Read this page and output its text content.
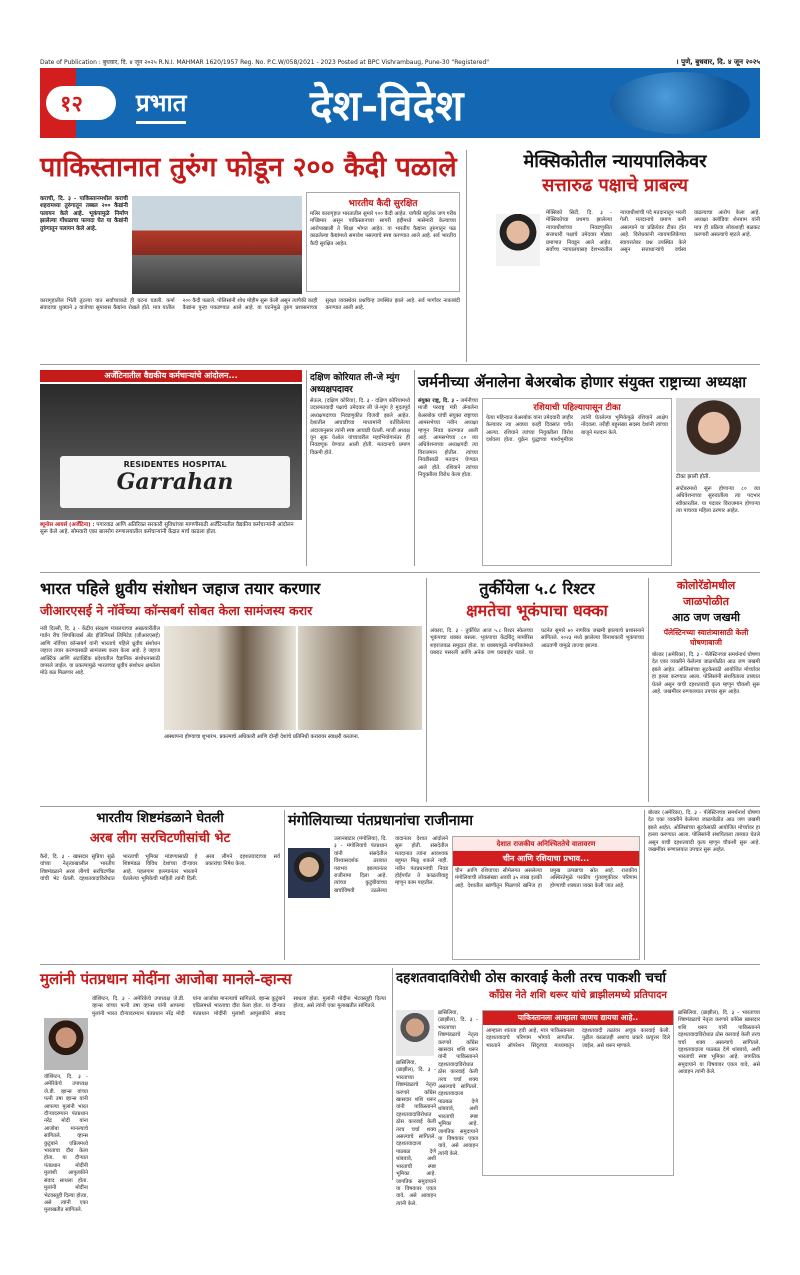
Date of Publication : बुधवार, दि. ४ जून २०२५ R.N.I. MAHMAR 1620/1957 Reg. No. P.C.W/058/2021 - 2023 Posted at BPC Vishrambaug, Pune-30 "Registered"
१२	प्रभात	देश-विदेश
। पुणे, बुधवार, दि. ४ जून २०२५
पाकिस्तानात तुरुंग फोडून २०० कैदी पळाले
कराची, दि. ३ - पाकिस्तानमधील कराची शहरामध्या तुरुंगातून तब्बल २०० कैद्यांनी पलायन केले आहे. भूकंपामुळे निर्माण झालेल्या गोंधळाचा फायदा घेत या कैद्यांनी तुरुंगातून पलायन केले आहे.
भारतीय कैदी सुरक्षित
मलिर कारागृहात भारतातील सुमारे १०० कैदी आहेत. यापैकी बहुतेक जण गरीब मच्छिमार असून पाकिस्तानच्या सागरी हद्दीमध्ये मासेमारी केल्याच्या आरोपाखाली ते शिक्षा भोगत आहेत. या भारतीय कैद्यांना तुरुंगातून पळ काढलेल्या कैद्यांमध्ये समावेश नसल्याचे स्पष्ट करण्यात आले आहे. सर्व भारतीय कैदी सुरक्षित आहेत.
कारागृहातील भिंती तुटल्या यात सर्वांच्याकडे ही घटना घडली. कर्मा संवादाचा धुक्याने ३ वाजेच्या सुमारास कैद्यांना रोखले होते. मात्र यातील २०० कैदी पळाले. पोलिसांनी शोध मोहीम सुरू केली असून त्यापैकी काही कैद्यांना पुन्हा पकडण्यात आले आहे. या घटनेमुळे तुरुंग प्रशासनाच्या सुरक्षा व्यवस्थेवर प्रश्नचिन्ह उपस्थित झाले आहे. सर्व मार्गांवर नाकाबंदी करण्यात आली आहे.
मेक्सिकोतील न्यायपालिकेवर
सत्तारुढ पक्षाचे प्राबल्य
मेक्सिको सिटी, दि. ३ - मेक्सिकोच्या प्रथमच झालेल्या न्यायाधीशांच्या निवडणुकीत सत्ताधारी पक्षाचे उमेदवार मोठ्या प्रमाणात निवडून आले आहेत. सर्वोच्च न्यायालयासह देशभरातील न्यायाधीशांची पदे मतदानातून भरली गेली. मतदानाचे प्रमाण कमी असल्याने या प्रक्रियेवर टीका होत आहे. विरोधकांनी न्यायपालिकेच्या स्वायत्ततेवर प्रश्न उपस्थित केले असून सत्ताधाऱ्यांचे वर्चस्व वाढल्याचा आरोप केला आहे. अध्यक्षा क्लॉडिया शेनबाम यांनी मात्र ही प्रक्रिया लोकशाही बळकट करणारी असल्याचे म्हटले आहे.
अर्जेंटिनातील वैद्यकीय कर्मचाऱ्यांचे आंदोलन...
RESIDENTES HOSPITAL
Garrahan
ब्यूनोस आयर्स (अर्जेंटिना) : पगारवाढ आणि अतिरिक्त सरकारी सुविधांच्या मागणीसाठी अर्जेंटिनातील वैद्यकीय कर्मचाऱ्यांनी आंदोलन सुरू केले आहे. सोमवारी एका बालरोग रुग्णालयातील कर्मचाऱ्यांनी केंद्रात मार्च काढला होता.
दक्षिण कोरियात ली-जे म्युंग अध्यक्षपदावर
सेऊल, (दक्षिण कोरिया), दि. ३ - दक्षिण कोरियामध्ये उदारमतवादी पक्षाचे उमेदवार ली जे-म्युंग हे मुदतपूर्व अध्यक्षपदाच्या निवडणुकीत विजयी झाले आहेत. देशातील आघाडीच्या माध्यमांनी वर्तविलेल्या अंदाजानुसार त्यांनी स्पष्ट आघाडी घेतली. माजी अध्यक्ष यून सुक येओल यांच्यावरील महाभियोगानंतर ही निवडणूक घेण्यात आली होती. मतदानाचे प्रमाण विक्रमी होते.
जर्मनीच्या ॲनालेना बेअरबोक होणार संयुक्त राष्ट्राच्या अध्यक्षा
संयुक्त राष्ट्र, दि. ३ - जर्मनीच्या माजी परराष्ट्र मंत्री ॲनालेना बेअरबोक यांची संयुक्त राष्ट्राच्या आमसभेच्या नवीन अध्यक्षा म्हणून निवड करण्यात आली आहे. आमसभेच्या ८० व्या अधिवेशनाच्या अध्यक्षपदी त्या विराजमान होतील. त्यांच्या निवडीसाठी मतदान घेण्यात आले होते. रशियाने त्यांच्या नियुक्तीला विरोध केला होता.
रशियाची पहिल्यापासून टीका
येत्या महिन्यात बेअरबोक यांना उमेदवारी जाहीर केल्यावर त्या अवघ्या काही दिवसांत चर्चेत आल्या. रशियाने त्यांच्या नियुक्तीला विरोध दर्शवला होता. युक्रेन युद्धाच्या पार्श्वभूमीवर त्यांनी घेतलेल्या भूमिकेमुळे रशियाने आक्षेप नोंदवला. तरीही बहुसंख्य सदस्य देशांनी त्यांच्या बाजूने मतदान केले.
टीका झाली होती.
सप्टेंबरमध्ये सुरू होणाऱ्या ८० व्या अधिवेशनाच्या सुरुवातीला त्या पदभार स्वीकारतील. या पदावर विराजमान होणाऱ्या त्या पाचव्या महिला ठरणार आहेत.
भारत पहिले ध्रुवीय संशोधन जहाज तयार करणार
जीआरएसई ने नॉर्वेच्या कॉन्सबर्ग सोबत केला सामंजस्य करार
नवी दिल्ली, दि. ३ - केंद्रीय संरक्षण मंत्रालयाच्या अखत्यारीतील गार्डन रीच शिपबिल्डर्स अँड इंजिनियर्स लिमिटेड (जीआरएसई) आणि नॉर्वेच्या कॉन्सबर्ग यांनी भारताचे पहिले ध्रुवीय संशोधन जहाज तयार करण्यासाठी सामंजस्य करार केला आहे. हे जहाज आर्क्टिक आणि अंटार्क्टिक प्रदेशातील वैज्ञानिक संशोधनासाठी वापरले जाईल. या प्रकल्पामुळे भारताच्या ध्रुवीय संशोधन क्षमतेला मोठे बळ मिळणार आहे.
आस्थापना होण्याचा शुभारंभ. प्रकल्पाचे अधिकारी आणि दोन्ही देशांचे प्रतिनिधी करारावर स्वाक्षरी करताना.
तुर्कीयेला ५.८ रिश्टर
क्षमतेचा भूकंपाचा धक्का
अंकारा, दि. ३ - तुर्कीयेत आज ५.८ रिश्टर स्केलच्या भूकंपाचा धक्का बसला. भूकंपाचा केंद्रबिंदू मार्मारिस शहराजवळ समुद्रात होता. या धक्क्यामुळे नागरिकांमध्ये घबराट पसरली आणि अनेक जण घराबाहेर पडले. या घटनेत सुमारे ७० नागरिक जखमी झाल्याचे प्रशासनाने सांगितले. २०२३ मध्ये झालेल्या विनाशकारी भूकंपाच्या आठवणी यामुळे ताज्या झाल्या.
कोलोरॅडोमधील
जाळपोळीत
आठ जण जखमी
पॅलेस्टिनच्या स्वातंत्र्यासाठी केली घोषणाबाजी
बोल्डर (अमेरिका), दि. ३ - पॅलेस्टिनच्या समर्थनार्थ घोषणा देत एका व्यक्तीने केलेल्या जाळपोळीत आठ जण जखमी झाले आहेत. ओलिसांच्या सुटकेसाठी आयोजित मोर्च्यावर हा हल्ला करण्यात आला. पोलिसांनी संशयिताला ताब्यात घेतले असून याची दहशतवादी कृत्य म्हणून चौकशी सुरू आहे. जखमींवर रुग्णालयात उपचार सुरू आहेत.
भारतीय शिष्टमंडळाने घेतली
अरब लीग सरचिटणीसांची भेट
कैरो, दि. ३ - खासदार सुप्रिया सुळे यांच्या नेतृत्वाखालील भारतीय शिष्टमंडळाने अरब लीगचे सरचिटणीस यांची भेट घेतली. दहशतवादाविरोधात भारताची भूमिका मांडण्यासाठी हे शिष्टमंडळ विविध देशांच्या दौऱ्यावर आहे. पहलगाम हल्ल्यानंतर भारताने घेतलेल्या भूमिकेची माहिती त्यांनी दिली. अरब लीगने दहशतवादाच्या सर्व प्रकारांचा निषेध केला.
मंगोलियाच्या पंतप्रधानांचा राजीनामा
उलानबाटार (मंगोलिया), दि. ३ - मंगोलियाचे पंतप्रधान यांनी संसदेतील विश्वासदर्शक ठरावात पराभव झाल्यानंतर राजीनामा दिला आहे. त्यांच्या कुटुंबीयांच्या खर्चाविषयी उठलेल्या वादानंतर देशात आंदोलने सुरू होती. संसदेतील मतदानात त्यांना आवश्यक बहुमत मिळू शकले नाही. नवीन पंतप्रधानांची निवड होईपर्यंत ते काळजीवाहू म्हणून काम पाहतील.
देशात राजकीय अनिश्चिततेचे वातावरण
चीन आणि रशियाचा प्रभाव...
चीन आणि रशियाच्या सीमेलगत असलेल्या मंगोलियाची लोकसंख्या अवघी ३५ लाख इतकी आहे. देशातील खाणीतून मिळणारे खनिज हा प्रमुख उत्पन्नाचा स्रोत आहे. राजकीय अस्थिरतेमुळे परकीय गुंतवणुकीवर परिणाम होण्याची शक्यता व्यक्त केली जात आहे.
बोल्डर (अमेरिका), दि. ३ - पॅलेस्टिनच्या समर्थनार्थ घोषणा देत एका व्यक्तीने केलेल्या जाळपोळीत आठ जण जखमी झाले आहेत. ओलिसांच्या सुटकेसाठी आयोजित मोर्च्यावर हा हल्ला करण्यात आला. पोलिसांनी संशयिताला ताब्यात घेतले असून याची दहशतवादी कृत्य म्हणून चौकशी सुरू आहे. जखमींवर रुग्णालयात उपचार सुरू आहेत.
मुलांनी पंतप्रधान मोदींना आजोबा मानले-व्हान्स
वॉशिंग्टन, दि. ३ - अमेरिकेचे उपाध्यक्ष जे.डी. व्हान्स यांच्या पत्नी उषा व्हान्स यांनी आपल्या मुलांनी भारत दौऱ्यादरम्यान पंतप्रधान नरेंद्र मोदी यांना आजोबा मानल्याचे सांगितले. व्हान्स कुटुंबाने एप्रिलमध्ये भारताचा दौरा केला होता. या दौऱ्यात पंतप्रधान मोदींनी मुलांशी आपुलकीने संवाद साधला होता. मुलांनी मोदींना भेटवस्तूही दिल्या होत्या, असे त्यांनी एका मुलाखतीत सांगितले.
वॉशिंग्टन, दि. ३ - अमेरिकेचे उपाध्यक्ष जे.डी. व्हान्स यांच्या पत्नी उषा व्हान्स यांनी आपल्या मुलांनी भारत दौऱ्यादरम्यान पंतप्रधान नरेंद्र मोदी यांना आजोबा मानल्याचे सांगितले. व्हान्स कुटुंबाने एप्रिलमध्ये भारताचा दौरा केला होता. या दौऱ्यात पंतप्रधान मोदींनी मुलांशी आपुलकीने संवाद साधला होता. मुलांनी मोदींना भेटवस्तूही दिल्या होत्या, असे त्यांनी एका मुलाखतीत सांगितले.
दहशतवादाविरोधी ठोस कारवाई केली तरच पाकशी चर्चा
काँग्रेस नेते शशि थरूर यांचे ब्राझीलमध्ये प्रतिपादन
ब्रासिलिया, (ब्राझील), दि. ३ - भारताच्या शिष्टमंडळाचे नेतृत्व करणारे काँग्रेस खासदार शशि थरूर यांनी पाकिस्तानने दहशतवादाविरोधात ठोस कारवाई केली तरच चर्चा शक्य असल्याचे सांगितले. दहशतवादाला पाठबळ देणे थांबवावे, अशी भारताची स्पष्ट भूमिका आहे. जागतिक समुदायाने या विषयावर एकत्र यावे, असे आवाहन त्यांनी केले.
ब्रासिलिया, (ब्राझील), दि. ३ - भारताच्या शिष्टमंडळाचे नेतृत्व करणारे काँग्रेस खासदार शशि थरूर यांनी पाकिस्तानने दहशतवादाविरोधात ठोस कारवाई केली तरच चर्चा शक्य असल्याचे सांगितले. दहशतवादाला पाठबळ देणे थांबवावे, अशी भारताची स्पष्ट भूमिका आहे. जागतिक समुदायाने या विषयावर एकत्र यावे, असे आवाहन त्यांनी केले.
पाकिस्तानला आम्हाला जाणच द्यायचा आहे..
आम्हाला शांतता हवी आहे, मात्र पाकिस्तानला दहशतवादाचे परिणाम भोगावे लागतील. भारताने ऑपरेशन सिंदूरच्या माध्यमातून दहशतवादी तळांवर अचूक कारवाई केली. पुढील काळातही अशाच प्रकारे प्रत्युत्तर दिले जाईल, असे थरूर म्हणाले.
ब्रासिलिया, (ब्राझील), दि. ३ - भारताच्या शिष्टमंडळाचे नेतृत्व करणारे काँग्रेस खासदार शशि थरूर यांनी पाकिस्तानने दहशतवादाविरोधात ठोस कारवाई केली तरच चर्चा शक्य असल्याचे सांगितले. दहशतवादाला पाठबळ देणे थांबवावे, अशी भारताची स्पष्ट भूमिका आहे. जागतिक समुदायाने या विषयावर एकत्र यावे, असे आवाहन त्यांनी केले.
